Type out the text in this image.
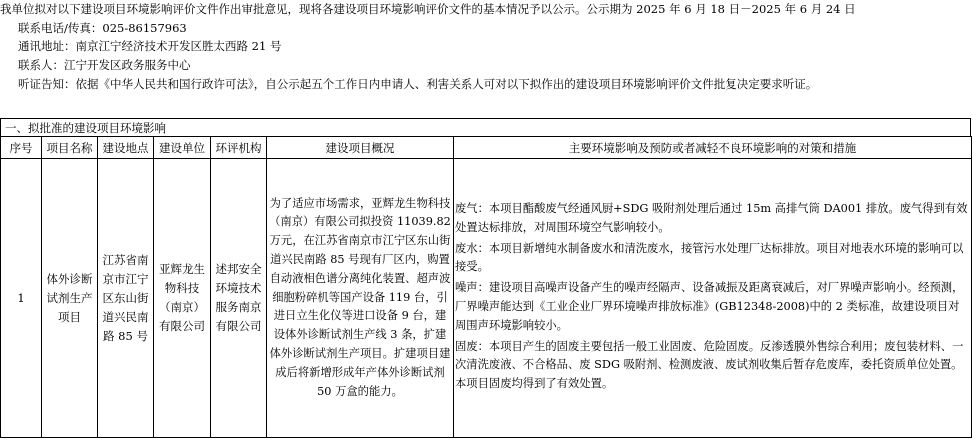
我单位拟对以下建设项目环境影响评价文件作出审批意见，现将各建设项目环境影响评价文件的基本情况予以公示。公示期为 2025 年 6 月 18 日－2025 年 6 月 24 日

联系电话/传真：025-86157963

通讯地址：南京江宁经济技术开发区胜太西路 21 号

联系人：江宁开发区政务服务中心

听证告知：依据《中华人民共和国行政许可法》，自公示起五个工作日内申请人、利害关系人可对以下拟作出的建设项目环境影响评价文件批复决定要求听证。

一、拟批准的建设项目环境影响
序号	项目名称	建设地点	建设单位	环评机构	建设项目概况	主要环境影响及预防或者减轻不良环境影响的对策和措施
1	体外诊断试剂生产项目	江苏省南京市江宁区东山街道兴民南路 85 号	亚辉龙生物科技（南京）有限公司	述邦安全环境技术服务南京有限公司	为了适应市场需求，亚辉龙生物科技（南京）有限公司拟投资 11039.82 万元，在江苏省南京市江宁区东山街道兴民南路 85 号现有厂区内，购置自动液相色谱分离纯化装置、超声波细胞粉碎机等国产设备 119 台，引进日立生化仪等进口设备 9 台，建设体外诊断试剂生产线 3 条，扩建体外诊断试剂生产项目。扩建项目建成后将新增形成年产体外诊断试剂 50 万盒的能力。	废气：本项目酯酸废气经通风厨+SDG 吸附剂处理后通过 15m 高排气筒 DA001 排放。废气得到有效处置达标排放，对周围环境空气影响较小。

废水：本项目新增纯水制备废水和清洗废水，接管污水处理厂达标排放。项目对地表水环境的影响可以接受。

噪声：建设项目高噪声设备产生的噪声经隔声、设备减振及距离衰减后，对厂界噪声影响小。经预测，厂界噪声能达到《工业企业厂界环境噪声排放标准》(GB12348-2008)中的 2 类标准，故建设项目对周围声环境影响较小。

固废：本项目产生的固废主要包括一般工业固废、危险固废。反渗透膜外售综合利用；废包装材料、一次清洗废液、不合格品、废 SDG 吸附剂、检测废液、废试剂收集后暂存危废库，委托资质单位处置。本项目固废均得到了有效处置。
